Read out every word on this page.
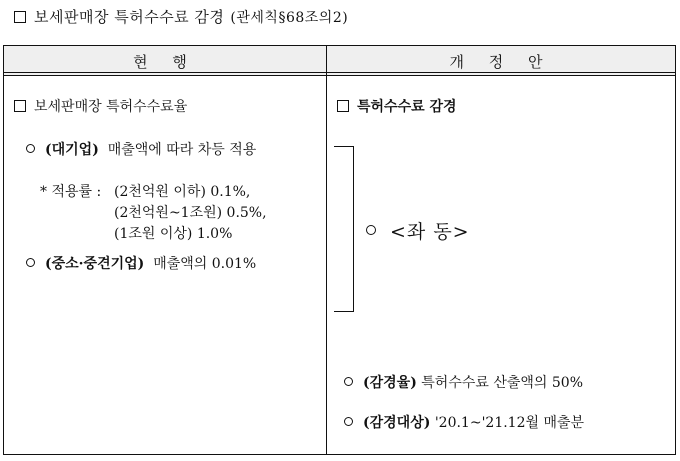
보세판매장 특허수수료 감경 (관세칙§68조의2)
현 행	개 정 안
보세판매장 특허수수료율
(대기업) 매출액에 따라 차등 적용
* 적용률 : (2천억원 이하) 0.1%,
(2천억원~1조원) 0.5%,
(1조원 이상) 1.0%
(중소·중견기업) 매출액의 0.01%
특허수수료 감경
<좌 동>
(감경율) 특허수수료 산출액의 50%
(감경대상) '20.1~'21.12월 매출분
